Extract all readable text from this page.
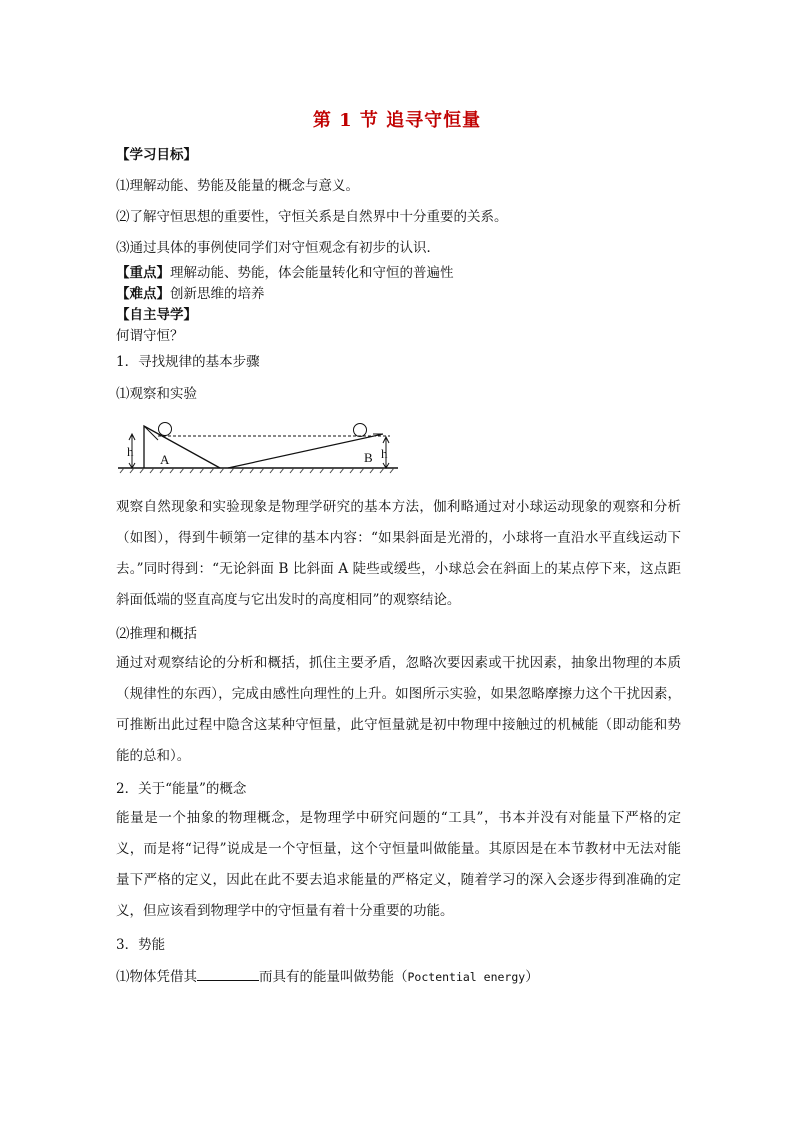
第 1 节 追寻守恒量
【学习目标】
⑴理解动能、势能及能量的概念与意义。
⑵了解守恒思想的重要性，守恒关系是自然界中十分重要的关系。
⑶通过具体的事例使同学们对守恒观念有初步的认识．
【重点】理解动能、势能，体会能量转化和守恒的普遍性
【难点】创新思维的培养
【自主导学】
何谓守恒？
1．寻找规律的基本步骤
⑴观察和实验
h
A	B h
观察自然现象和实验现象是物理学研究的基本方法，伽利略通过对小球运动现象的观察和分析（如图），得到牛顿第一定律的基本内容：“如果斜面是光滑的，小球将一直沿水平直线运动下去。”同时得到：“无论斜面 B 比斜面 A 陡些或缓些，小球总会在斜面上的某点停下来，这点距斜面低端的竖直高度与它出发时的高度相同”的观察结论。
⑵推理和概括
通过对观察结论的分析和概括，抓住主要矛盾，忽略次要因素或干扰因素，抽象出物理的本质（规律性的东西），完成由感性向理性的上升。如图所示实验，如果忽略摩擦力这个干扰因素，可推断出此过程中隐含这某种守恒量，此守恒量就是初中物理中接触过的机械能（即动能和势能的总和）。
2．关于“能量”的概念
能量是一个抽象的物理概念，是物理学中研究问题的“工具”，书本并没有对能量下严格的定义，而是将“记得”说成是一个守恒量，这个守恒量叫做能量。其原因是在本节教材中无法对能量下严格的定义，因此在此不要去追求能量的严格定义，随着学习的深入会逐步得到准确的定义，但应该看到物理学中的守恒量有着十分重要的功能。
3．势能
⑴物体凭借其	而具有的能量叫做势能（Poctential energy）
